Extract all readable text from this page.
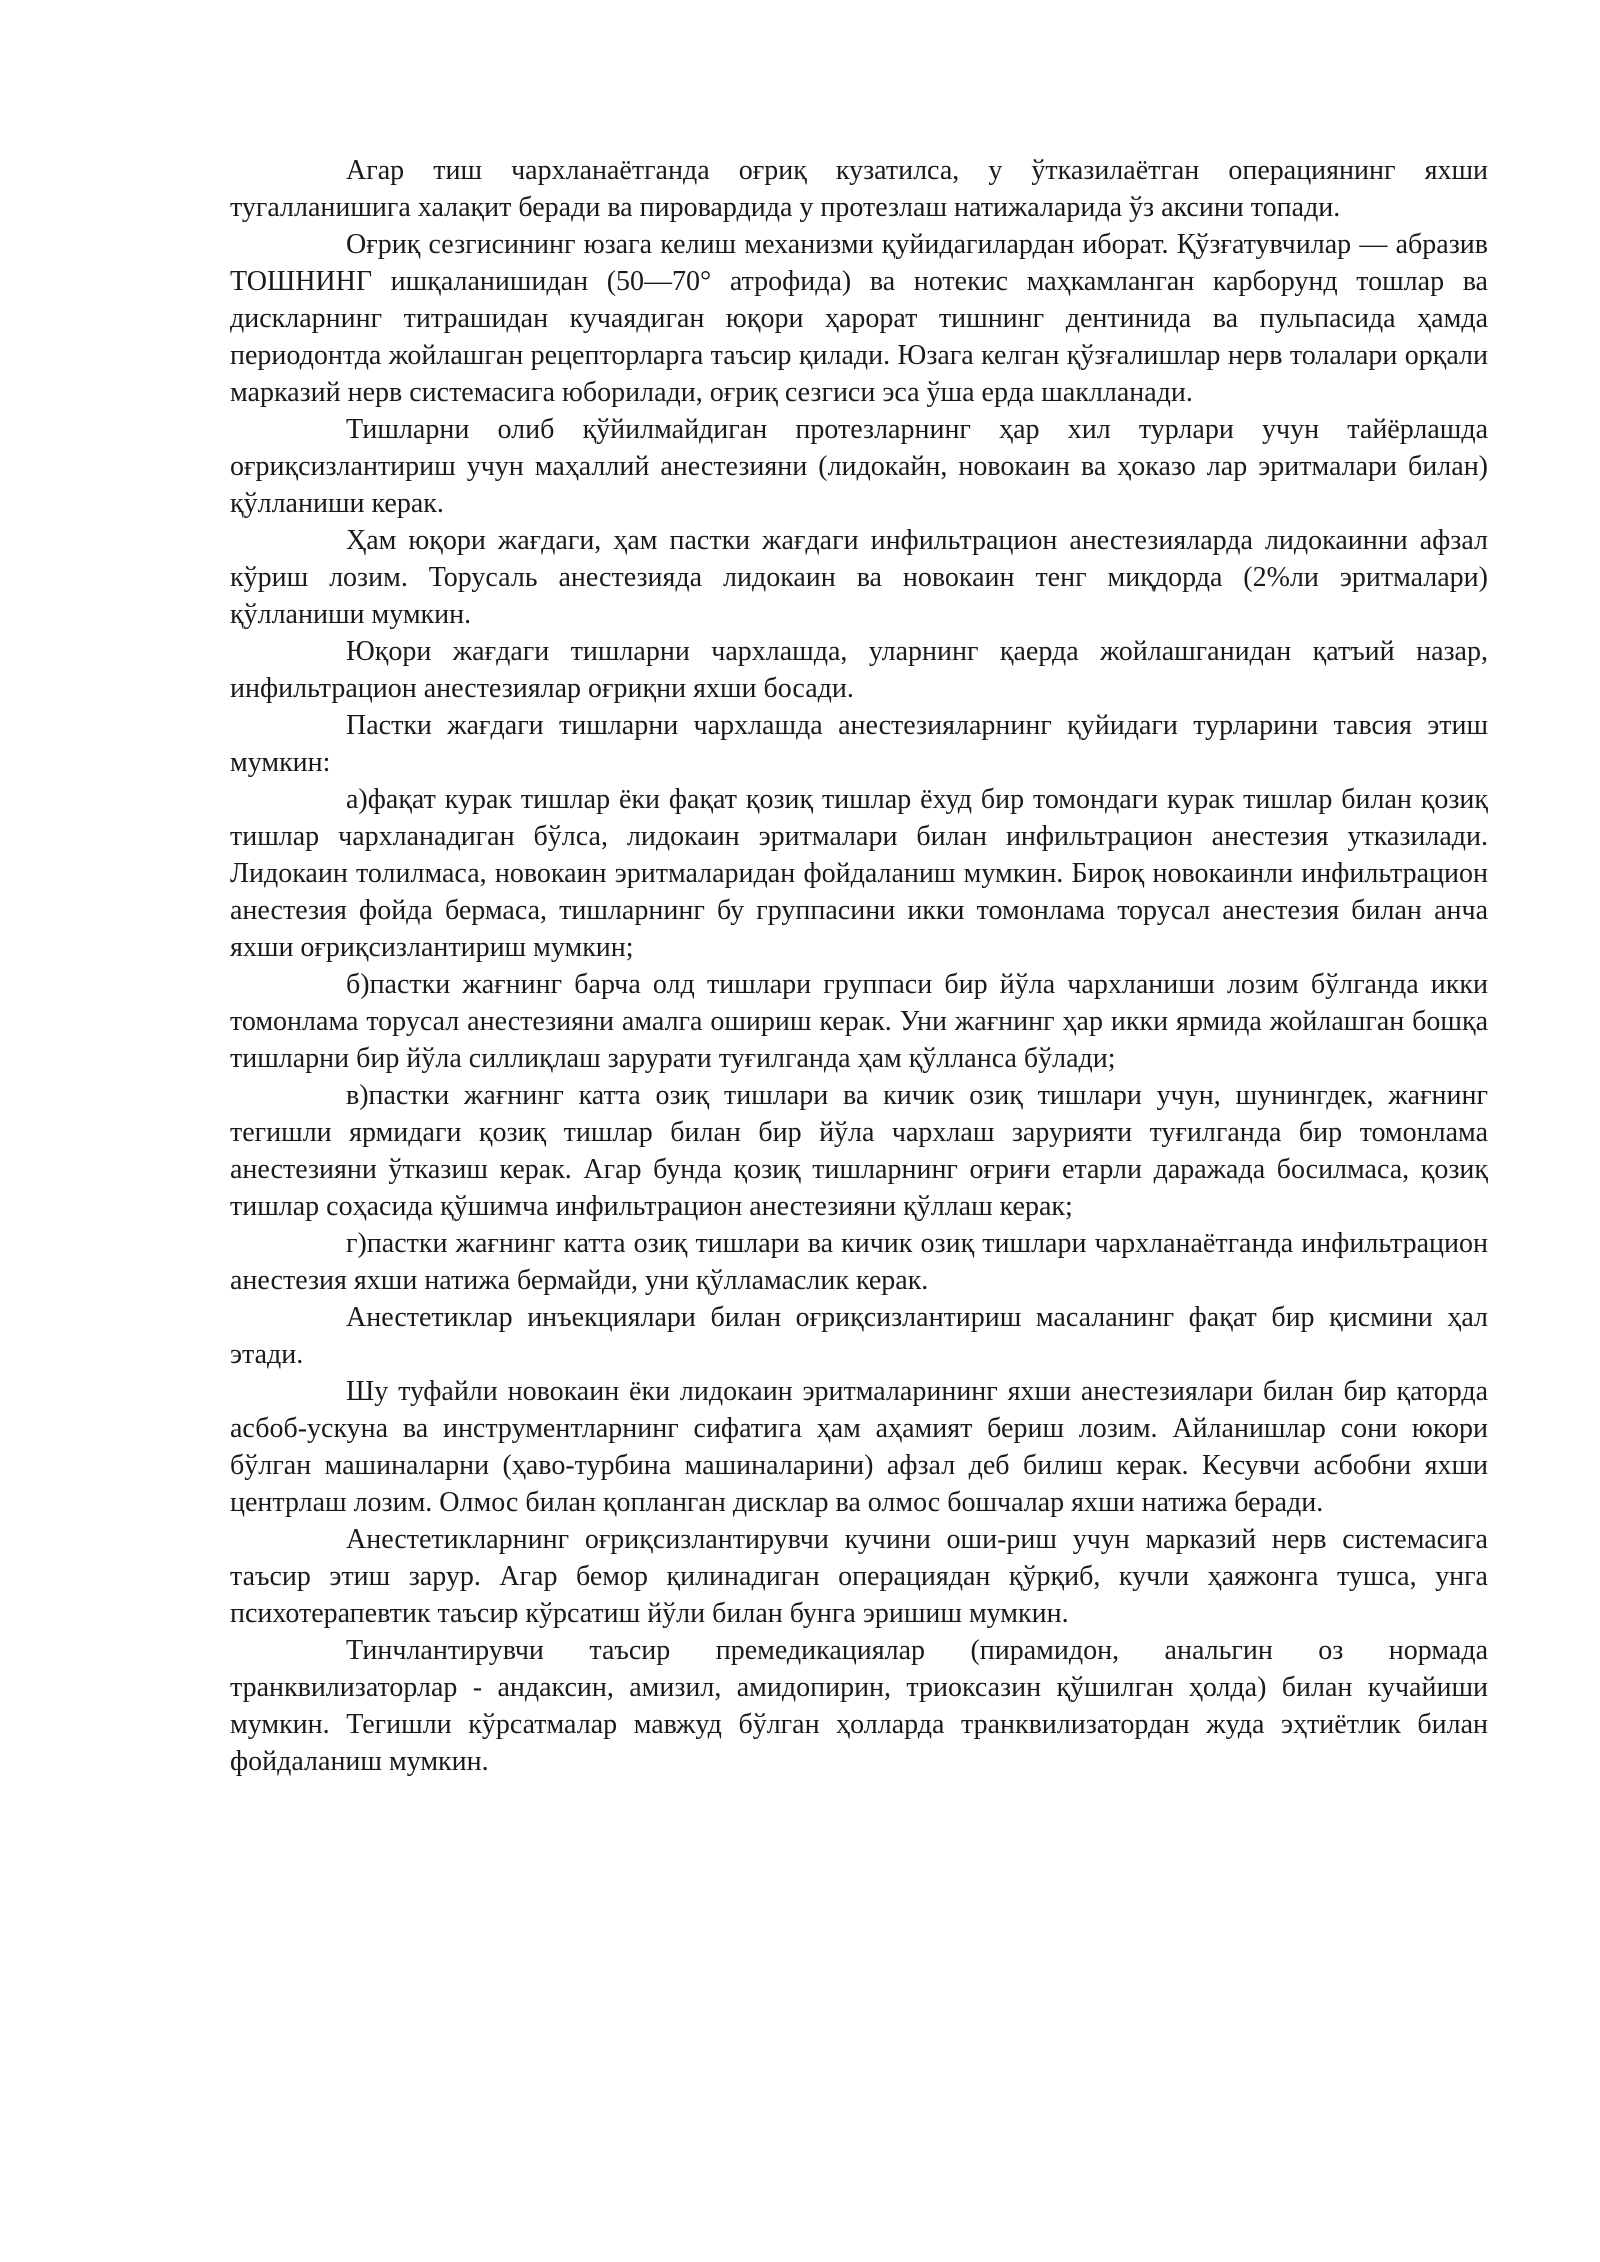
Агар тиш чархланаётганда оғриқ кузатилса, у ўтказилаётган операциянинг яхши тугалланишига халақит беради ва пировардида у протезлаш натижаларида ўз аксини топади.

Оғриқ сезгисининг юзага келиш механизми қуйидагилардан иборат. Қўзғатувчилар — абразив ТОШНИНГ ишқаланишидан (50—70° атрофида) ва нотекис маҳкамланган карборунд тошлар ва дискларнинг титрашидан кучаядиган юқори ҳарорат тишнинг дентинида ва пульпасида ҳамда периодонтда жойлашган рецепторларга таъсир қилади. Юзага келган қўзғалишлар нерв толалари орқали марказий нерв системасига юборилади, оғриқ сезгиси эса ўша ерда шаклланади.

Тишларни олиб қўйилмайдиган протезларнинг ҳар хил турлари учун тайёрлашда оғриқсизлантириш учун маҳаллий анестезияни (лидокайн, новокаин ва ҳоказо лар эритмалари билан) қўлланиши керак.

Ҳам юқори жағдаги, ҳам пастки жағдаги инфильтрацион анестезияларда лидокаинни афзал кўриш лозим. Торусаль анестезияда лидокаин ва новокаин тенг миқдорда (2%ли эритмалари) қўлланиши мумкин.

Юқори жағдаги тишларни чархлашда, уларнинг қаерда жойлашганидан қатъий назар, инфильтрацион анестезиялар оғриқни яхши босади.

Пастки жағдаги тишларни чархлашда анестезияларнинг қуйидаги турларини тавсия этиш мумкин:

а)фақат курак тишлар ёки фақат қозиқ тишлар ёхуд бир томондаги курак тишлар билан қозиқ тишлар чархланадиган бўлса, лидокаин эритмалари билан инфильтрацион анестезия утказилади. Лидокаин толилмаса, новокаин эритмаларидан фойдаланиш мумкин. Бироқ новокаинли инфильтрацион анестезия фойда бермаса, тишларнинг бу группасини икки томонлама торусал анестезия билан анча яхши оғриқсизлантириш мумкин;

б)пастки жағнинг барча олд тишлари группаси бир йўла чархланиши лозим бўлганда икки томонлама торусал анестезияни амалга ошириш керак. Уни жағнинг ҳар икки ярмида жойлашган бошқа тишларни бир йўла силлиқлаш зарурати туғилганда ҳам қўлланса бўлади;

в)пастки жағнинг катта озиқ тишлари ва кичик озиқ тишлари учун, шунингдек, жағнинг тегишли ярмидаги қозиқ тишлар билан бир йўла чархлаш зарурияти туғилганда бир томонлама анестезияни ўтказиш керак. Агар бунда қозиқ тишларнинг оғриғи етарли даражада босилмаса, қозиқ тишлар соҳасида қўшимча инфильтрацион анестезияни қўллаш керак;

г)пастки жағнинг катта озиқ тишлари ва кичик озиқ тишлари чархланаётганда инфильтрацион анестезия яхши натижа бермайди, уни қўлламаслик керак.

Анестетиклар инъекциялари билан оғриқсизлантириш масаланинг фақат бир қисмини ҳал этади.

Шу туфайли новокаин ёки лидокаин эритмаларининг яхши анестезиялари билан бир қаторда асбоб-ускуна ва инструментларнинг сифатига ҳам аҳамият бериш лозим. Айланишлар сони юкори бўлган машиналарни (ҳаво-турбина машиналарини) афзал деб билиш керак. Кесувчи асбобни яхши центрлаш лозим. Олмос билан қопланган дисклар ва олмос бошчалар яхши натижа беради.

Анестетикларнинг оғриқсизлантирувчи кучини оши-риш учун марказий нерв системасига таъсир этиш зарур. Агар бемор қилинадиган операциядан қўрқиб, кучли ҳаяжонга тушса, унга психотерапевтик таъсир кўрсатиш йўли билан бунга эришиш мумкин.

Тинчлантирувчи таъсир премедикациялар (пирамидон, анальгин оз нормада транквилизаторлар - андаксин, амизил, амидопирин, триоксазин қўшилган ҳолда) билан кучайиши мумкин. Тегишли кўрсатмалар мавжуд бўлган ҳолларда транквилизатордан жуда эҳтиётлик билан фойдаланиш мумкин.
